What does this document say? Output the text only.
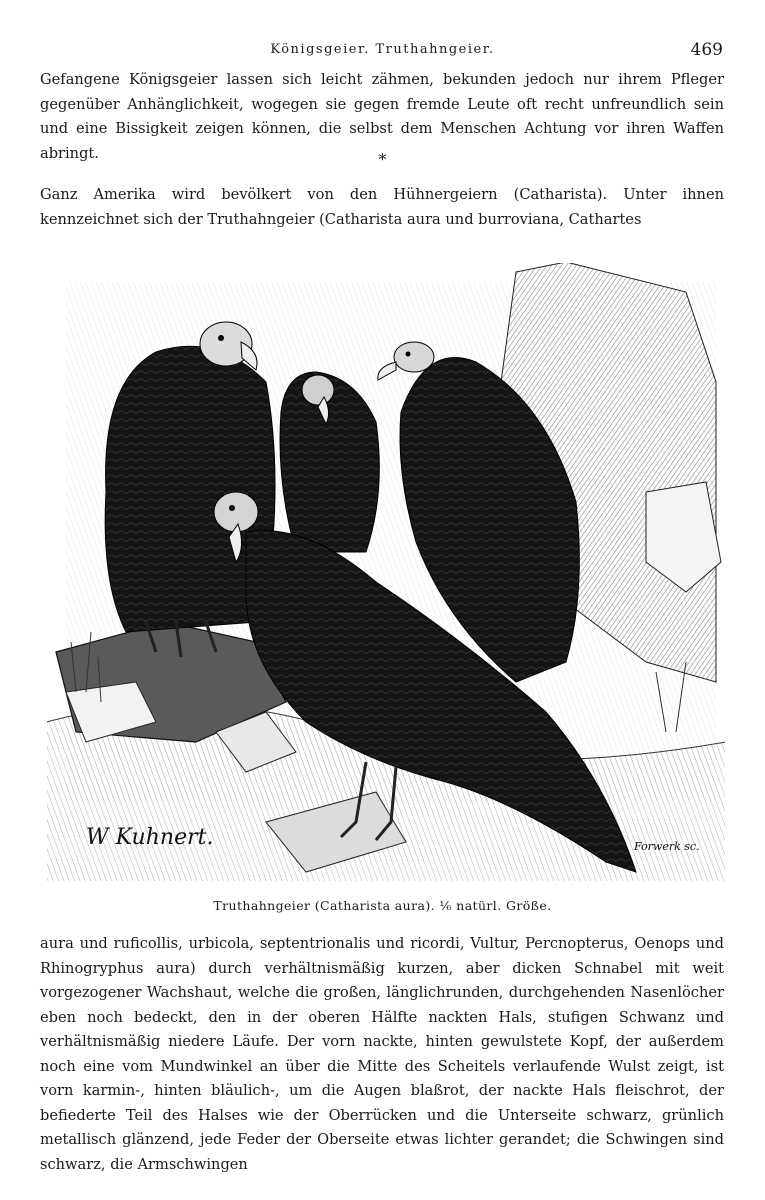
Königsgeier. Truthahngeier.	469

Gefangene Königsgeier lassen sich leicht zähmen, bekunden jedoch nur ihrem Pfleger gegenüber Anhänglichkeit, wogegen sie gegen fremde Leute oft recht unfreundlich sein und eine Bissigkeit zeigen können, die selbst dem Menschen Achtung vor ihren Waffen abringt.	*

Ganz Amerika wird bevölkert von den Hühnergeiern (Catharista). Unter ihnen kennzeichnet sich der Truthahngeier (Catharista aura und burroviana, Cathartes

W Kuhnert.	Forwerk sc.
Truthahngeier (Catharista aura). ⅙ natürl. Größe.

aura und ruficollis, urbicola, septentrionalis und ricordi, Vultur, Percnopterus, Oenops und Rhinogryphus aura) durch verhältnismäßig kurzen, aber dicken Schnabel mit weit vorgezogener Wachshaut, welche die großen, länglichrunden, durchgehenden Nasenlöcher eben noch bedeckt, den in der oberen Hälfte nackten Hals, stufigen Schwanz und verhältnismäßig niedere Läufe. Der vorn nackte, hinten gewulstete Kopf, der außerdem noch eine vom Mundwinkel an über die Mitte des Scheitels verlaufende Wulst zeigt, ist vorn karmin-, hinten bläulich-, um die Augen blaßrot, der nackte Hals fleischrot, der befiederte Teil des Halses wie der Oberrücken und die Unterseite schwarz, grünlich metallisch glänzend, jede Feder der Oberseite etwas lichter gerandet; die Schwingen sind schwarz, die Armschwingen
